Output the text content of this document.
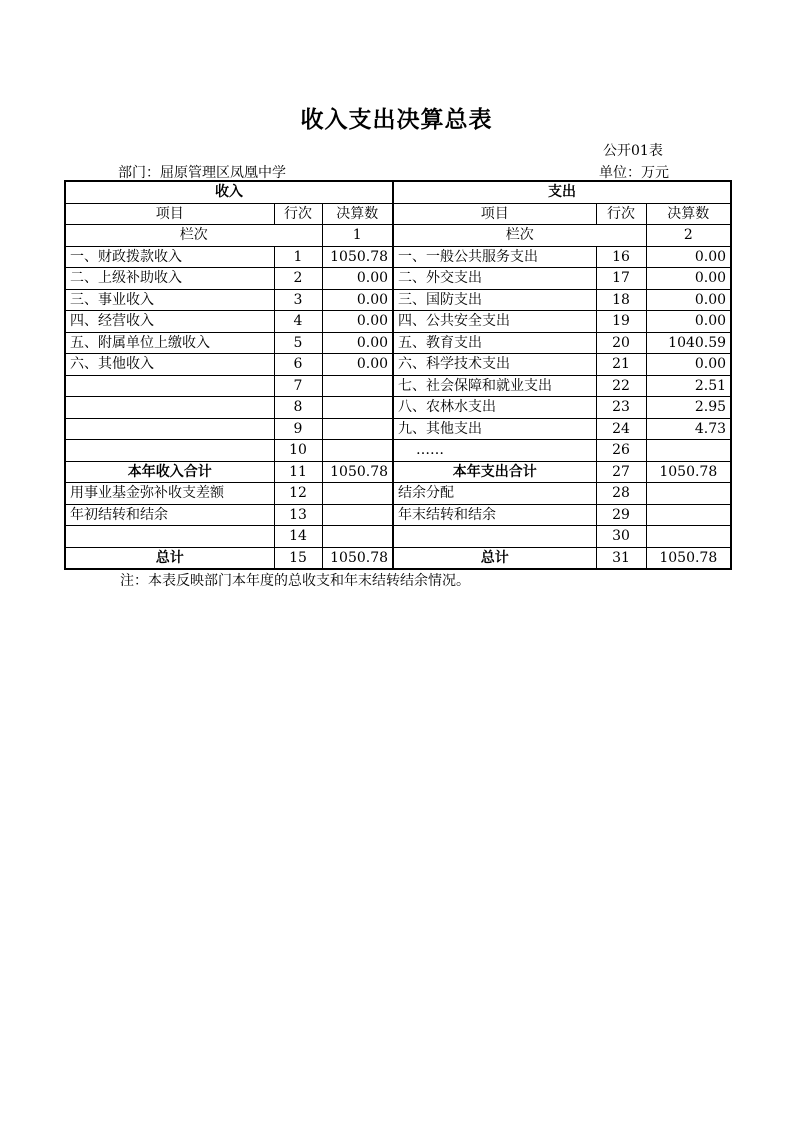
收入支出决算总表
公开01表
部门：屈原管理区凤凰中学	单位：万元
收入			支出		
项目	行次	决算数	项目	行次	决算数
栏次		1	栏次		2
一、财政拨款收入	1	1050.78	一、一般公共服务支出	16	0.00
二、上级补助收入	2	0.00	二、外交支出	17	0.00
三、事业收入	3	0.00	三、国防支出	18	0.00
四、经营收入	4	0.00	四、公共安全支出	19	0.00
五、附属单位上缴收入	5	0.00	五、教育支出	20	1040.59
六、其他收入	6	0.00	六、科学技术支出	21	0.00
	7		七、社会保障和就业支出	22	2.51
	8		八、农林水支出	23	2.95
	9		九、其他支出	24	4.73
	10		……	26	
本年收入合计	11	1050.78	本年支出合计	27	1050.78
用事业基金弥补收支差额	12		结余分配	28	
年初结转和结余	13		年末结转和结余	29	
	14			30	
总计	15	1050.78	总计	31	1050.78
注：本表反映部门本年度的总收支和年末结转结余情况。
